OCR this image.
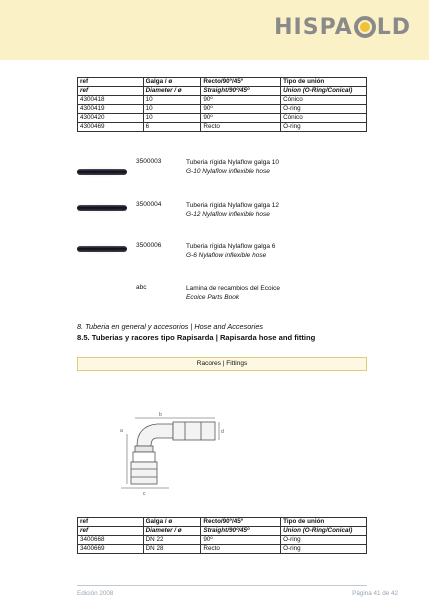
HISPA LD
ref	Galga / ø	Recto/90º/45º	Tipo de unión
ref	Diameter / ø	Straight/90º/45º	Union (O-Ring/Conical)
4300418	10	90º	Cónico
4300419	10	90º	O-ring
4300420	10	90º	Cónico
4300469	6	Recto	O-ring
3500003	Tuberia rígida Nylaflow galga 10
G-10 Nylaflow inflexible hose
3500004	Tuberia rígida Nylaflow galga 12
G-12 Nylaflow inflexible hose
3500006	Tuberia rígida Nylaflow galga 6
G-6 Nylaflow inflexible hose
abc	Lamina de recambios del Ecoice
Ecoice Parts Book
8. Tuberia en general y accesorios | Hose and Accesories
8.5. Tuberias y racores tipo Rapisarda | Rapisarda hose and fitting
Racores | Fittings
a
b
c
d
ref	Galga / ø	Recto/90º/45º	Tipo de unión
ref	Diameter / ø	Straight/90º/45º	Union (O-Ring/Conical)
3400668	DN 22	90º	O-ring
3400669	DN 28	Recto	O-ring
Edición 2008	Página 41 de 42
